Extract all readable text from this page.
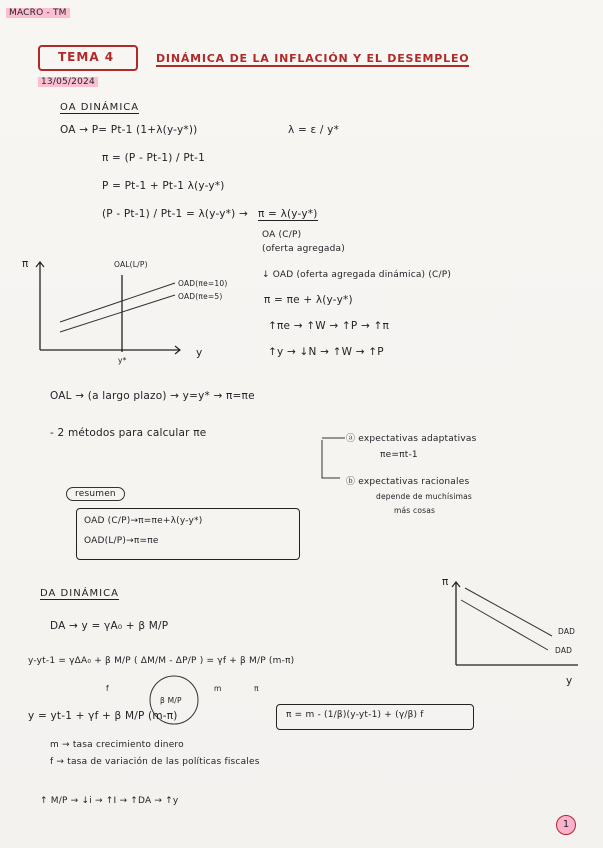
MACRO - TM
TEMA 4	DINÁMICA DE LA INFLACIÓN Y EL DESEMPLEO
13/05/2024
OA DINÁMICA
OA → P= Pt-1 (1+λ(y-y*))	λ = ε / y*
π = (P - Pt-1) / Pt-1
P = Pt-1 + Pt-1 λ(y-y*)
(P - Pt-1) / Pt-1 = λ(y-y*) → π = λ(y-y*)
OA (C/P)
(oferta agregada)
↓ OAD (oferta agregada dinámica) (C/P)
π = πe + λ(y-y*)
↑πe → ↑W → ↑P → ↑π
↑y → ↓N → ↑W → ↑P
π
y
OAL(L/P)
OAD(πe=10)
OAD(πe=5)
y*
OAL → (a largo plazo) → y=y* → π=πe
- 2 métodos para calcular πe	ⓐ expectativas adaptativas
πe=πt-1
ⓑ expectativas racionales
depende de muchísimas
más cosas
resumen
OAD (C/P)→π=πe+λ(y-y*)
OAD(L/P)→π=πe
DA DINÁMICA
DA → y = γA₀ + β M/P
y-yt-1 = γΔA₀ + β M/P ( ΔM/M - ΔP/P ) = γf + β M/P (m-π)
f	m	π
β M/P
y = yt-1 + γf + β M/P (m-π)	π = m - (1/β)(y-yt-1) + (γ/β) f
m → tasa crecimiento dinero
f → tasa de variación de las políticas fiscales
↑ M/P → ↓i → ↑I → ↑DA → ↑y
π
y
DAD
DAD
1
